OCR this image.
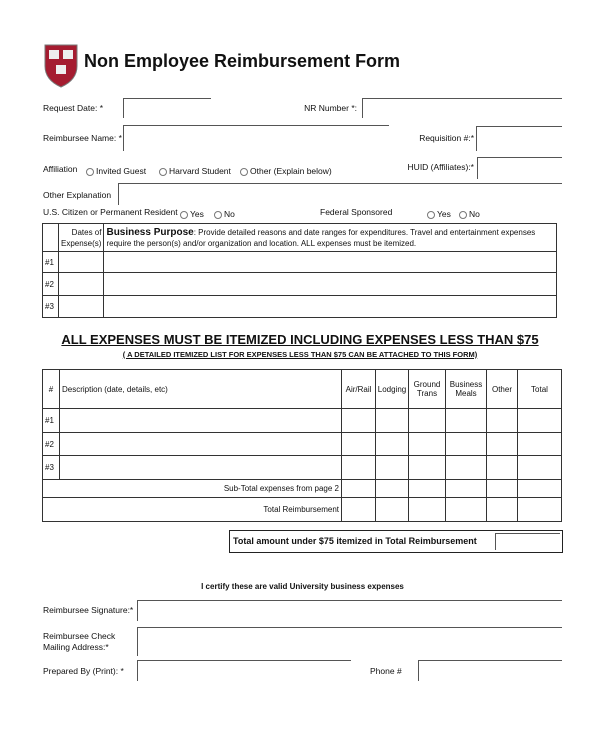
Non Employee Reimbursement Form
Request Date: *	NR Number *:
Reimbursee Name: *	Requisition #:*
Affiliation	Invited Guest	Harvard Student	Other (Explain below)	HUID (Affiliates):*
Other Explanation
U.S. Citizen or Permanent Resident	Yes	No	Federal Sponsored	Yes	No
	Dates of Expense(s)	Business Purpose: Provide detailed reasons and date ranges for expenditures. Travel and entertainment expenses require the person(s) and/or organization and location. ALL expenses must be itemized.
#1		
#2		
#3		
ALL EXPENSES MUST BE ITEMIZED INCLUDING EXPENSES LESS THAN $75
( A DETAILED ITEMIZED LIST FOR EXPENSES LESS THAN $75 CAN BE ATTACHED TO THIS FORM)
#	Description (date, details, etc)	Air/Rail	Lodging	Ground Trans	Business Meals	Other	Total
#1							
#2							
#3							
Sub-Total expenses from page 2							
Total Reimbursement							
Total amount under $75 itemized in Total Reimbursement
I certify these are valid University business expenses
Reimbursee Signature:*
Reimbursee Check
Mailing Address:*
Prepared By (Print): *	Phone #
